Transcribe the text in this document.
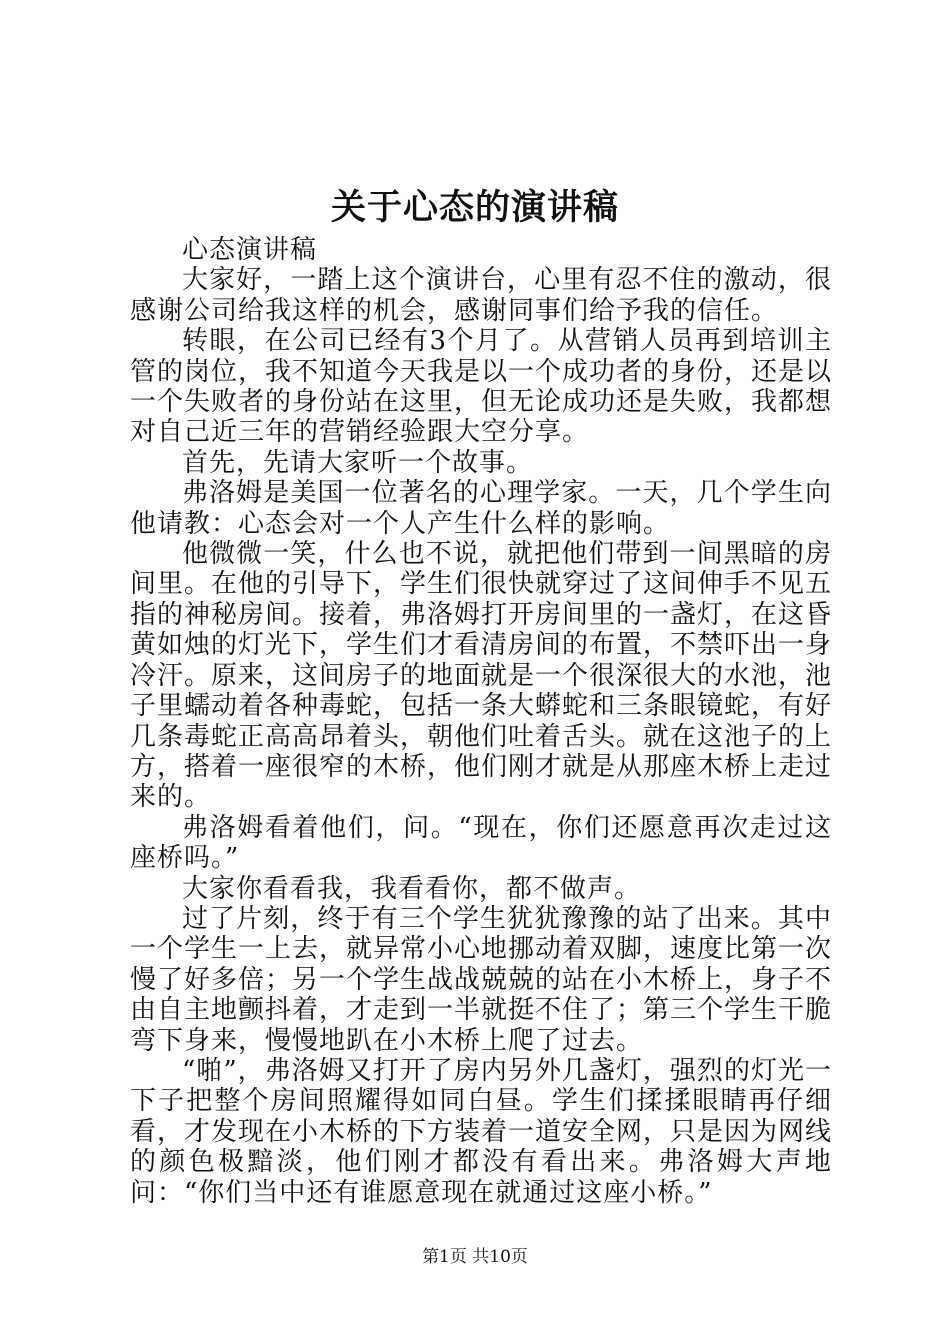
关于心态的演讲稿

心态演讲稿

大家好，一踏上这个演讲台，心里有忍不住的激动，很感谢公司给我这样的机会，感谢同事们给予我的信任。

转眼，在公司已经有3个月了。从营销人员再到培训主管的岗位，我不知道今天我是以一个成功者的身份，还是以一个失败者的身份站在这里，但无论成功还是失败，我都想对自己近三年的营销经验跟大空分享。

首先，先请大家听一个故事。

弗洛姆是美国一位著名的心理学家。一天，几个学生向他请教：心态会对一个人产生什么样的影响。

他微微一笑，什么也不说，就把他们带到一间黑暗的房间里。在他的引导下，学生们很快就穿过了这间伸手不见五指的神秘房间。接着，弗洛姆打开房间里的一盏灯，在这昏黄如烛的灯光下，学生们才看清房间的布置，不禁吓出一身冷汗。原来，这间房子的地面就是一个很深很大的水池，池子里蠕动着各种毒蛇，包括一条大蟒蛇和三条眼镜蛇，有好几条毒蛇正高高昂着头，朝他们吐着舌头。就在这池子的上方，搭着一座很窄的木桥，他们刚才就是从那座木桥上走过来的。

弗洛姆看着他们，问。“现在，你们还愿意再次走过这座桥吗。”

大家你看看我，我看看你，都不做声。

过了片刻，终于有三个学生犹犹豫豫的站了出来。其中一个学生一上去，就异常小心地挪动着双脚，速度比第一次慢了好多倍；另一个学生战战兢兢的站在小木桥上，身子不由自主地颤抖着，才走到一半就挺不住了；第三个学生干脆弯下身来，慢慢地趴在小木桥上爬了过去。

“啪”，弗洛姆又打开了房内另外几盏灯，强烈的灯光一下子把整个房间照耀得如同白昼。学生们揉揉眼睛再仔细看，才发现在小木桥的下方装着一道安全网，只是因为网线的颜色极黯淡，他们刚才都没有看出来。弗洛姆大声地问：“你们当中还有谁愿意现在就通过这座小桥。”

第1页 共10页
